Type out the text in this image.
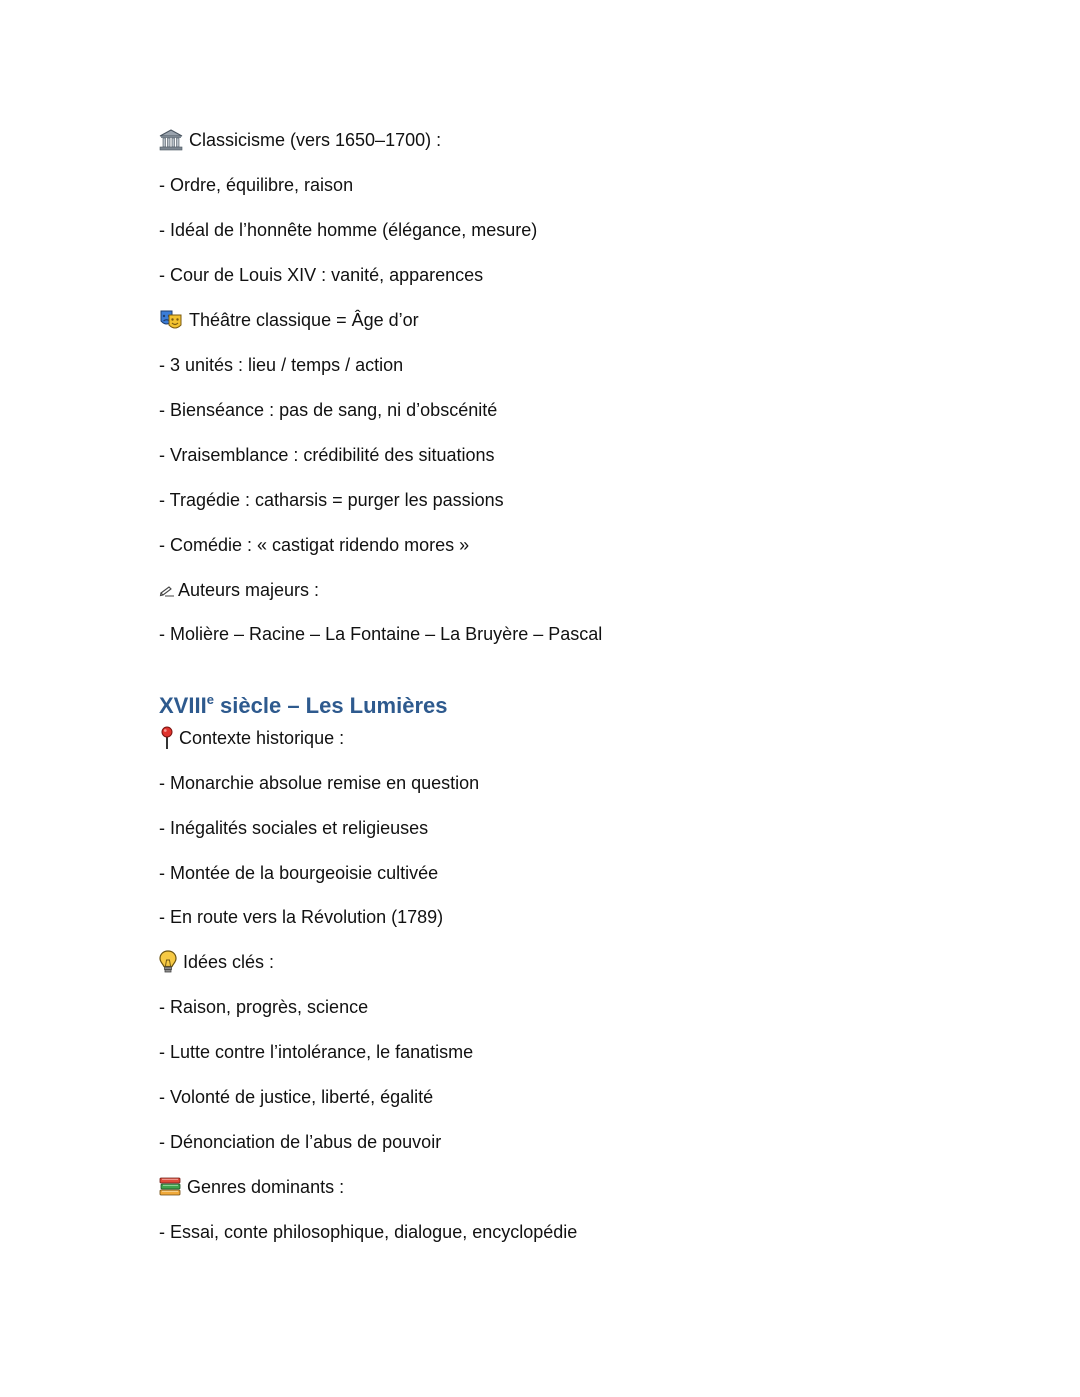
Classicisme (vers 1650–1700) :
- Ordre, équilibre, raison
- Idéal de l’honnête homme (élégance, mesure)
- Cour de Louis XIV : vanité, apparences
Théâtre classique = Âge d’or
- 3 unités : lieu / temps / action
- Bienséance : pas de sang, ni d’obscénité
- Vraisemblance : crédibilité des situations
- Tragédie : catharsis = purger les passions
- Comédie : « castigat ridendo mores »
Auteurs majeurs :
- Molière – Racine – La Fontaine – La Bruyère – Pascal
XVIIIe siècle – Les Lumières
Contexte historique :
- Monarchie absolue remise en question
- Inégalités sociales et religieuses
- Montée de la bourgeoisie cultivée
- En route vers la Révolution (1789)
Idées clés :
- Raison, progrès, science
- Lutte contre l’intolérance, le fanatisme
- Volonté de justice, liberté, égalité
- Dénonciation de l’abus de pouvoir
Genres dominants :
- Essai, conte philosophique, dialogue, encyclopédie
